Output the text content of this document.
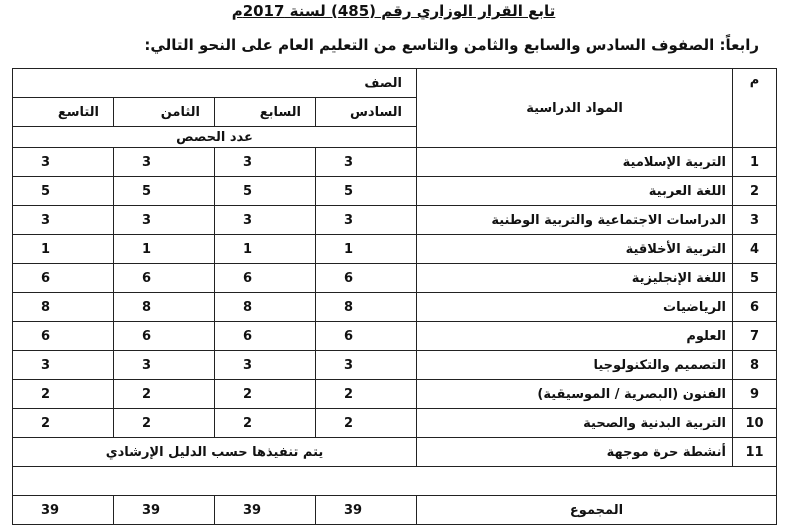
تابع القرار الوزاري رقم (485) لسنة 2017م
رابعاً: الصفوف السادس والسابع والثامن والتاسع من التعليم العام على النحو التالي:
م	المواد الدراسية	الصف			
		السادس	السابع	الثامن	التاسع
		عدد الحصص			
1	التربية الإسلامية	3	3	3	3
2	اللغة العربية	5	5	5	5
3	الدراسات الاجتماعية والتربية الوطنية	3	3	3	3
4	التربية الأخلاقية	1	1	1	1
5	اللغة الإنجليزية	6	6	6	6
6	الرياضيات	8	8	8	8
7	العلوم	6	6	6	6
8	التصميم والتكنولوجيا	3	3	3	3
9	الفنون (البصرية / الموسيقية)	2	2	2	2
10	التربية البدنية والصحية	2	2	2	2
11	أنشطة حرة موجهة	يتم تنفيذها حسب الدليل الإرشادي			

المجموع		39	39	39	39
